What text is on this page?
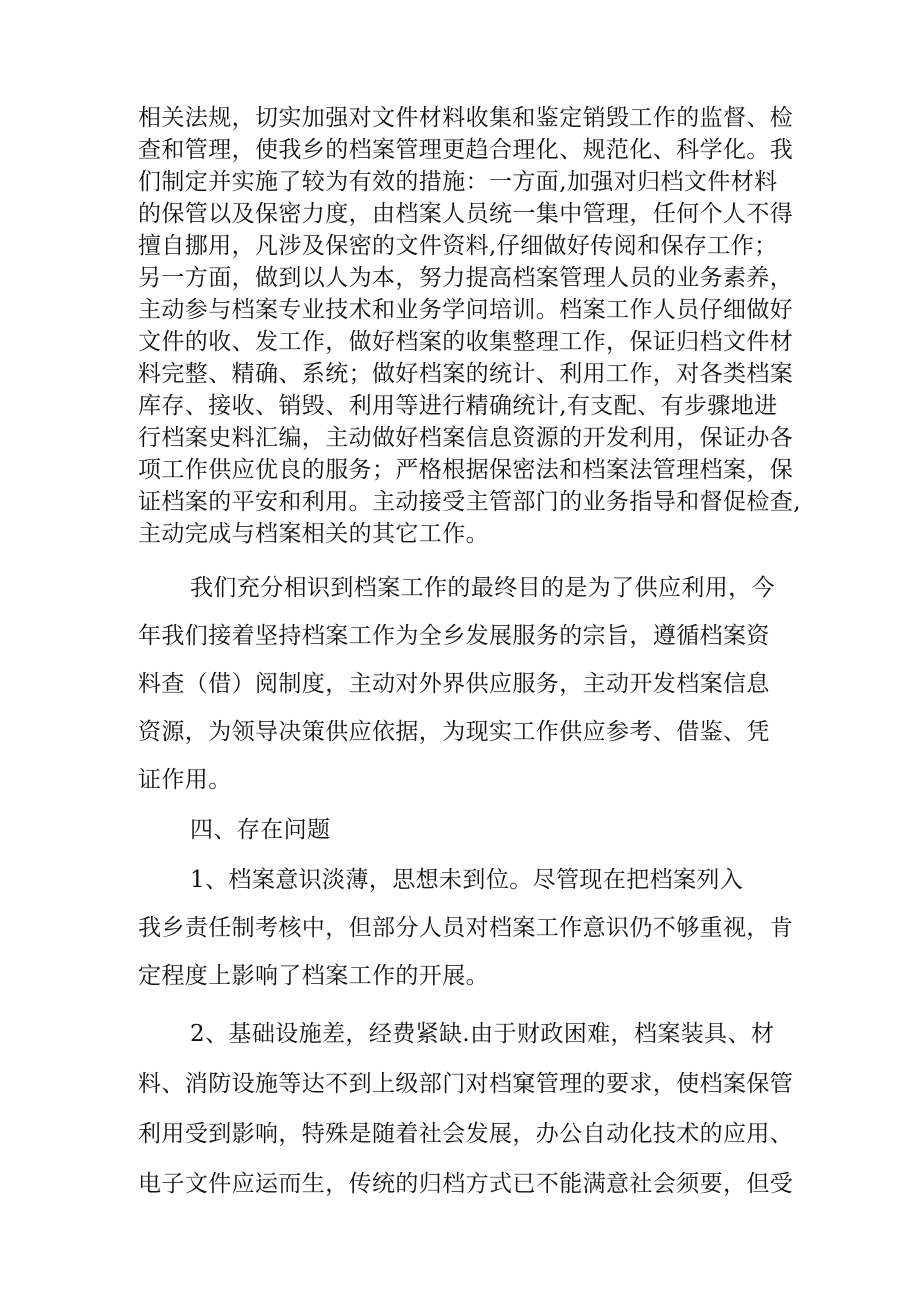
相关法规，切实加强对文件材料收集和鉴定销毁工作的监督、检
查和管理，使我乡的档案管理更趋合理化、规范化、科学化。我
们制定并实施了较为有效的措施：一方面,加强对归档文件材料
的保管以及保密力度，由档案人员统一集中管理，任何个人不得
擅自挪用，凡涉及保密的文件资料,仔细做好传阅和保存工作；
另一方面，做到以人为本，努力提高档案管理人员的业务素养，
主动参与档案专业技术和业务学问培训。档案工作人员仔细做好
文件的收、发工作，做好档案的收集整理工作，保证归档文件材
料完整、精确、系统；做好档案的统计、利用工作，对各类档案
库存、接收、销毁、利用等进行精确统计,有支配、有步骤地进
行档案史料汇编，主动做好档案信息资源的开发利用，保证办各
项工作供应优良的服务；严格根据保密法和档案法管理档案，保
证档案的平安和利用。主动接受主管部门的业务指导和督促检查,
主动完成与档案相关的其它工作。
我们充分相识到档案工作的最终目的是为了供应利用，今
年我们接着坚持档案工作为全乡发展服务的宗旨，遵循档案资
料查（借）阅制度，主动对外界供应服务，主动开发档案信息
资源，为领导决策供应依据，为现实工作供应参考、借鉴、凭
证作用。
四、存在问题
1、档案意识淡薄，思想未到位。尽管现在把档案列入
我乡责任制考核中，但部分人员对档案工作意识仍不够重视，肯
定程度上影响了档案工作的开展。
2、基础设施差，经费紧缺.由于财政困难，档案装具、材
料、消防设施等达不到上级部门对档窠管理的要求，使档案保管
利用受到影响，特殊是随着社会发展，办公自动化技术的应用、
电子文件应运而生，传统的归档方式已不能满意社会须要，但受
